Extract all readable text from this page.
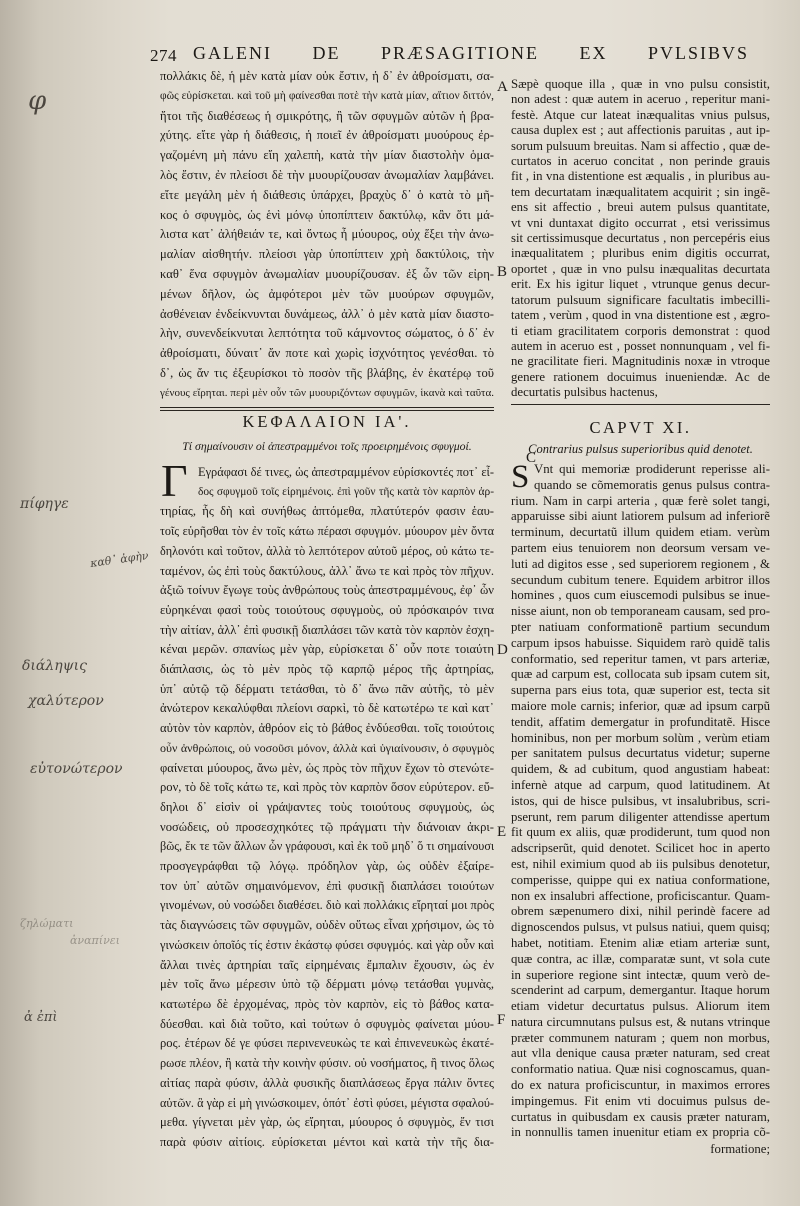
274 GALENI DE PRÆSAGITIONE EX PVLSIBVS
πολλάκις δὲ, ἡ μὲν κατὰ μίαν οὐκ ἔστιν, ἡ δ᾽ ἐν ἀθροίσματι, σα-
φῶς εὑρίσκεται. καὶ τοῦ μὴ φαίνεσθαι ποτὲ τὴν κατὰ μίαν, αἴτιον διττόν,
ἤτοι τῆς διαθέσεως ἡ σμικρότης, ἢ τῶν σφυγμῶν αὐτῶν ἡ βρα-
χύτης. εἴτε γὰρ ἡ διάθεσις, ἡ ποιεῖ ἐν ἀθροίσματι μυούρους ἐρ-
γαζομένη μὴ πάνυ εἴη χαλεπὴ, κατὰ τὴν μίαν διαστολὴν ὁμα-
λὸς ἔστιν, ἐν πλείοσι δὲ τὴν μυουρίζουσαν ἀνωμαλίαν λαμβάνει.
εἴτε μεγάλη μὲν ἡ διάθεσις ὑπάρχει, βραχὺς δ᾽ ὁ κατὰ τὸ μῆ-
κος ὁ σφυγμὸς, ὡς ἑνὶ μόνῳ ὑποπίπτειν δακτύλῳ, κἂν ὅτι μά-
λιστα κατ᾽ ἀλήθειάν τε, καὶ ὄντως ἦ μύουρος, οὐχ ἕξει τὴν ἀνω-
μαλίαν αἰσθητήν. πλείοσι γὰρ ὑποπίπτειν χρὴ δακτύλοις, τὴν
καθ᾽ ἕνα σφυγμὸν ἀνωμαλίαν μυουρίζουσαν. ἐξ ὧν τῶν εἰρη-
μένων δῆλον, ὡς ἀμφότεροι μὲν τῶν μυούρων σφυγμῶν,
ἀσθένειαν ἐνδείκνυνται δυνάμεως, ἀλλ᾽ ὁ μὲν κατὰ μίαν διαστο-
λὴν, συνενδείκνυται λεπτότητα τοῦ κάμνοντος σώματος, ὁ δ᾽ ἐν
ἀθροίσματι, δύναιτ᾽ ἄν ποτε καὶ χωρὶς ἰσχνότητος γενέσθαι. τὸ
δ᾽, ὡς ἄν τις ἐξευρίσκοι τὸ ποσὸν τῆς βλάβης, ἐν ἑκατέρῳ τοῦ
γένους εἴρηται. περὶ μὲν οὖν τῶν μυουριζόντων σφυγμῶν, ἱκανὰ καὶ ταῦτα.
Sæpè quoque illa , quæ in vno pulsu consistit,
non adest : quæ autem in aceruo , reperitur mani-
festè. Atque cur lateat inæqualitas vnius pulsus,
causa duplex est ; aut affectionis paruitas , aut ip-
sorum pulsuum breuitas. Nam si affectio , quæ de-
curtatos in aceruo concitat , non perinde grauis
fit , in vna distentione est æqualis , in pluribus au-
tem decurtatam inæqualitatem acquirit ; sin ingẽ-
ens sit affectio , breui autem pulsus quantitate,
vt vni duntaxat digito occurrat , etsi verissimus
sit certissimusque decurtatus , non percepéris eius
inæqualitatem ; pluribus enim digitis occurrat,
oportet , quæ in vno pulsu inæqualitas decurtata
erit. Ex his igitur liquet , vtrunque genus decur-
tatorum pulsuum significare facultatis imbecilli-
tatem , verùm , quod in vna distentione est , ægro-
ti etiam gracilitatem corporis demonstrat : quod
autem in aceruo est , posset nonnunquam , vel fi-
ne gracilitate fieri. Magnitudinis noxæ in vtroque
genere rationem docuimus inueniendæ. Ac de
decurtatis pulsibus hactenus,
ΚΕΦΑΛΑΙΟΝ ΙΑ'.
Τί σημαίνουσιν οἱ ἀπεστραμμένοι τοῖς προειρημένοις σφυγμοί.
CAPVT XI.
Contrarius pulsus superioribus quid denotet.
Γ	S
Εγράφασι δέ τινες, ὡς ἀπεστραμμένον εὑρίσκοντές ποτ᾽ εἶ-
δος σφυγμοῦ τοῖς εἰρημένοις. ἐπὶ γοῦν τῆς κατὰ τὸν καρπὸν ἀρ-
τηρίας, ἧς δὴ καὶ συνήθως ἁπτόμεθα, πλατύτερόν φασιν ἑαυ-
τοῖς εὑρῆσθαι τὸν ἐν τοῖς κάτω πέρασι σφυγμόν. μύουρον μὲν ὄντα
δηλονότι καὶ τοῦτον, ἀλλὰ τὸ λεπτότερον αὐτοῦ μέρος, οὐ κάτω τε-
ταμένον, ὡς ἐπὶ τοὺς δακτύλους, ἀλλ᾽ ἄνω τε καὶ πρὸς τὸν πῆχυν.
ἀξιῶ τοίνυν ἔγωγε τοὺς ἀνθρώπους τοὺς ἀπεστραμμένους, ἐφ᾽ ὧν
εὑρηκέναι φασὶ τοὺς τοιούτους σφυγμοὺς, οὐ πρόσκαιρόν τινα
τὴν αἰτίαν, ἀλλ᾽ ἐπὶ φυσικῇ διαπλάσει τῶν κατὰ τὸν καρπὸν ἐσχη-
κέναι μερῶν. σπανίως μὲν γὰρ, εὑρίσκεται δ᾽ οὖν ποτε τοιαύτη
διάπλασις, ὡς τὸ μὲν πρὸς τῷ καρπῷ μέρος τῆς ἀρτηρίας,
ὑπ᾽ αὐτῷ τῷ δέρματι τετάσθαι, τὸ δ᾽ ἄνω πᾶν αὐτῆς, τὸ μὲν
ἀνώτερον κεκαλύφθαι πλείονι σαρκὶ, τὸ δὲ κατωτέρω τε καὶ κατ᾽
αὐτὸν τὸν καρπὸν, ἀθρόον εἰς τὸ βάθος ἐνδύεσθαι. τοῖς τοιούτοις
οὖν ἀνθρώποις, οὐ νοσοῦσι μόνον, ἀλλὰ καὶ ὑγιαίνουσιν, ὁ σφυγμὸς
φαίνεται μύουρος, ἄνω μὲν, ὡς πρὸς τὸν πῆχυν ἔχων τὸ στενώτε-
ρον, τὸ δὲ τοῖς κάτω τε, καὶ πρὸς τὸν καρπὸν ὅσον εὐρύτερον. εὔ-
δηλοι δ᾽ εἰσὶν οἱ γράψαντες τοὺς τοιούτους σφυγμοὺς, ὡς
νοσώδεις, οὐ προσεσχηκότες τῷ πράγματι τὴν διάνοιαν ἀκρι-
βῶς, ἔκ τε τῶν ἄλλων ὧν γράφουσι, καὶ ἐκ τοῦ μηδ᾽ ὅ τι σημαίνουσι
προσγεγράφθαι τῷ λόγῳ. πρόδηλον γὰρ, ὡς οὐδὲν ἐξαίρε-
τον ὑπ᾽ αὐτῶν σημαινόμενον, ἐπὶ φυσικῇ διαπλάσει τοιούτων
γινομένων, οὐ νοσώδει διαθέσει. διὸ καὶ πολλάκις εἴρηταί μοι πρὸς
τὰς διαγνώσεις τῶν σφυγμῶν, οὐδὲν οὕτως εἶναι χρήσιμον, ὡς τὸ
γινώσκειν ὁποῖός τίς ἐστιν ἑκάστῳ φύσει σφυγμός. καὶ γὰρ οὖν καὶ
ἄλλαι τινὲς ἀρτηρίαι ταῖς εἰρημέναις ἔμπαλιν ἔχουσιν, ὡς ἐν
μὲν τοῖς ἄνω μέρεσιν ὑπὸ τῷ δέρματι μόνῳ τετάσθαι γυμνὰς,
κατωτέρω δὲ ἐρχομένας, πρὸς τὸν καρπὸν, εἰς τὸ βάθος κατα-
δύεσθαι. καὶ διὰ τοῦτο, καὶ τούτων ὁ σφυγμὸς φαίνεται μύου-
ρος. ἑτέρων δέ γε φύσει περινενευκὼς τε καὶ ἐπινενευκὼς ἑκατέ-
ρωσε πλέον, ἢ κατὰ τὴν κοινὴν φύσιν. οὐ νοσήματος, ἢ τινος ὅλως
αἰτίας παρὰ φύσιν, ἀλλὰ φυσικῆς διαπλάσεως ἔργα πάλιν ὄντες
αὐτῶν. ἃ γὰρ εἰ μὴ γινώσκοιμεν, ὁπότ᾽ ἐστὶ φύσει, μέγιστα σφαλού-
μεθα. γίγνεται μὲν γὰρ, ὡς εἴρηται, μύουρος ὁ σφυγμὸς, ἔν τισι
παρὰ φύσιν αἰτίοις. εὑρίσκεται μέντοι καὶ κατὰ τὴν τῆς δια-
Vnt qui memoriæ prodiderunt reperisse ali-
quando se cõmemoratis genus pulsus contra-
rium. Nam in carpi arteria , quæ ferè solet tangi,
apparuisse sibi aiunt latiorem pulsum ad inferiorẽ
terminum, decurtatũ illum quidem etiam. verùm
partem eius tenuiorem non deorsum versam ve-
luti ad digitos esse , sed superiorem regionem , &
secundum cubitum tenere. Equidem arbitror illos
homines , quos cum eiuscemodi pulsibus se inue-
nisse aiunt, non ob temporaneam causam, sed pro-
pter natiuam conformationẽ partium secundum
carpum ipsos habuisse. Siquidem rarò quidẽ talis
conformatio, sed reperitur tamen, vt pars arteriæ,
quæ ad carpum est, collocata sub ipsam cutem sit,
superna pars eius tota, quæ superior est, tecta sit
maiore mole carnis; inferior, quæ ad ipsum carpũ
tendit, affatim demergatur in profunditatẽ. Hisce
hominibus, non per morbum solùm , verùm etiam
per sanitatem pulsus decurtatus videtur; superne
quidem, & ad cubitum, quod angustiam habeat:
infernè atque ad carpum, quod latitudinem. At
istos, qui de hisce pulsibus, vt insalubribus, scri-
pserunt, rem parum diligenter attendisse apertum
fit quum ex aliis, quæ prodiderunt, tum quod non
adscripserũt, quid denotet. Scilicet hoc in aperto
est, nihil eximium quod ab iis pulsibus denotetur,
comperisse, quippe qui ex natiua conformatione,
non ex insalubri affectione, proficiscantur. Quam-
obrem sæpenumero dixi, nihil perindè facere ad
dignoscendos pulsus, vt pulsus natiui, quem quisq;
habet, notitiam. Etenim aliæ etiam arteriæ sunt,
quæ contra, ac illæ, comparatæ sunt, vt sola cute
in superiore regione sint intectæ, quum verò de-
scenderint ad carpum, demergantur. Itaque horum
etiam videtur decurtatus pulsus. Aliorum item
natura circumnutans pulsus est, & nutans vtrinque
præter communem naturam ; quem non morbus,
aut vlla denique causa præter naturam, sed creat
conformatio natiua. Quæ nisi cognoscamus, quan-
do ex natura proficiscuntur, in maximos errores
impingemus. Fit enim vti docuimus pulsus de-
curtatus in quibusdam ex causis præter naturam,
in nonnullis tamen inuenitur etiam ex propria cõ-
formatione;
A
B
C
D
E
F
φ
πίφηγε
καθ᾽ ἀφὴν
διάληψις
χαλύτερον
εὐτονώτερον
ζηλώματι
ἀναπίνει
ἀ ἐπὶ
